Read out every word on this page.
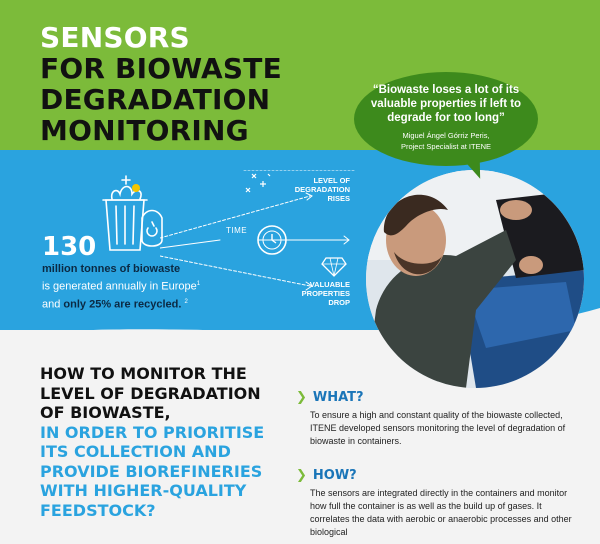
SENSORS
FOR BIOWASTE
DEGRADATION
MONITORING
“Biowaste loses a lot of its valuable properties if left to degrade for too long”
Miguel Ángel Górriz Peris,
Project Specialist at ITENE
LEVEL OF
DEGRADATION
RISES
TIME
VALUABLE
PROPERTIES
DROP
130
million tonnes of biowaste
is generated annually in Europe$^1$
and only 25% are recycled. $^2$
HOW TO MONITOR THE
LEVEL OF DEGRADATION
OF BIOWASTE,
IN ORDER TO PRIORITISE
ITS COLLECTION AND
PROVIDE BIOREFINERIES
WITH HIGHER-QUALITY
FEEDSTOCK?
❯ WHAT?
To ensure a high and constant quality of the biowaste collected, ITENE developed sensors monitoring the level of degradation of biowaste in containers.
❯ HOW?
The sensors are integrated directly in the containers and monitor how full the container is as well as the build up of gases. It correlates the data with aerobic or anaerobic processes and other biological
